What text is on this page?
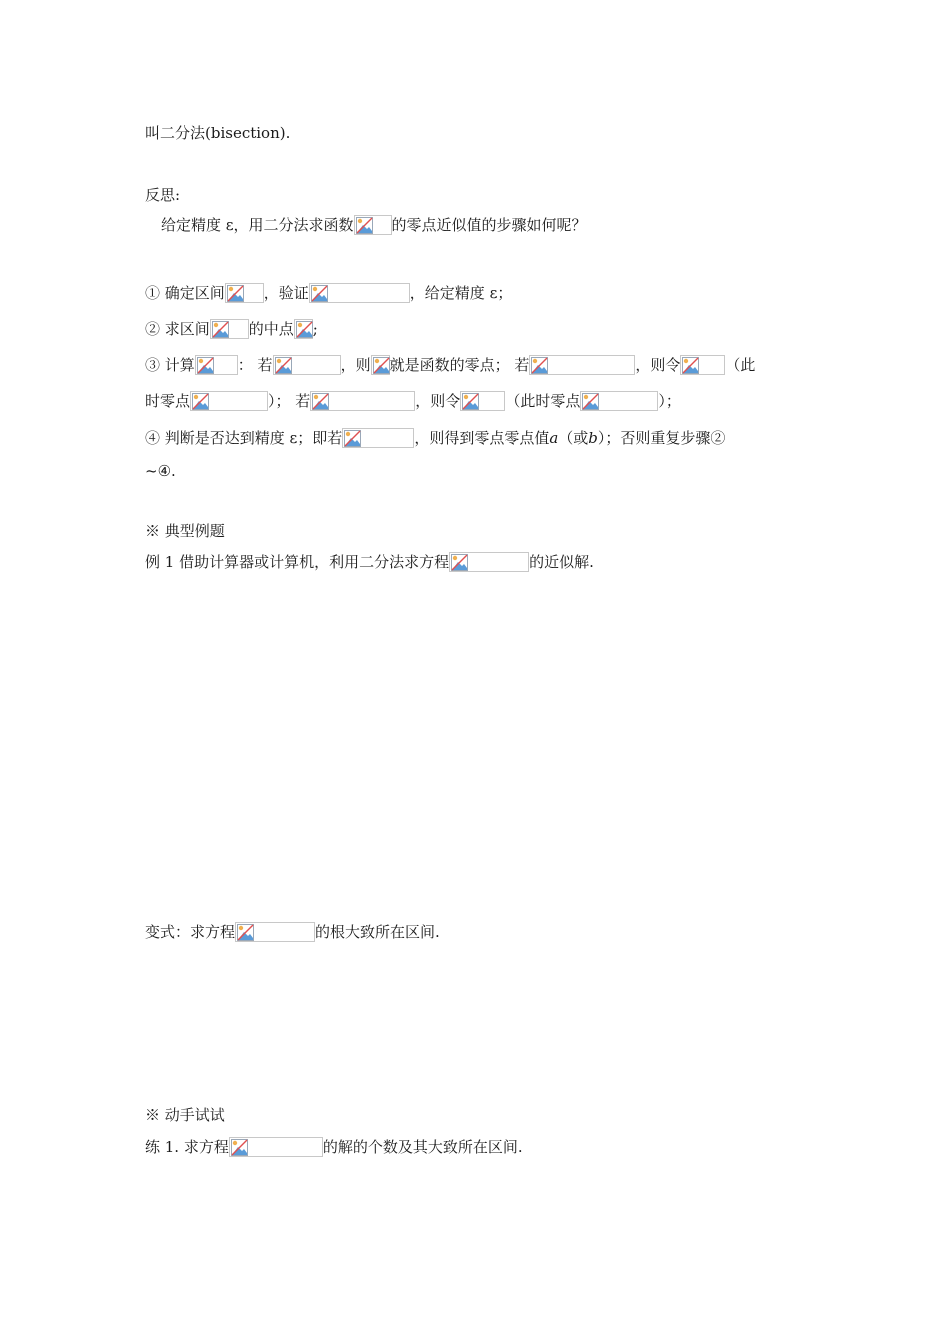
叫二分法(bisection).
反思:
给定精度 ε，用二分法求函数	的零点近似值的步骤如何呢？
① 确定区间	，验证	，给定精度 ε；
② 求区间	的中点 ;
③ 计算	： 若	，则 就是函数的零点； 若	，则令	（此
时零点	）； 若	，则令	（此时零点	）；
④ 判断是否达到精度 ε；即若	，则得到零点零点值 a （或 b ）；否则重复步骤②
~④.
※ 典型例题
例 1 借助计算器或计算机，利用二分法求方程	的近似解.
变式：求方程	的根大致所在区间.
※ 动手试试
练 1. 求方程	的解的个数及其大致所在区间.
